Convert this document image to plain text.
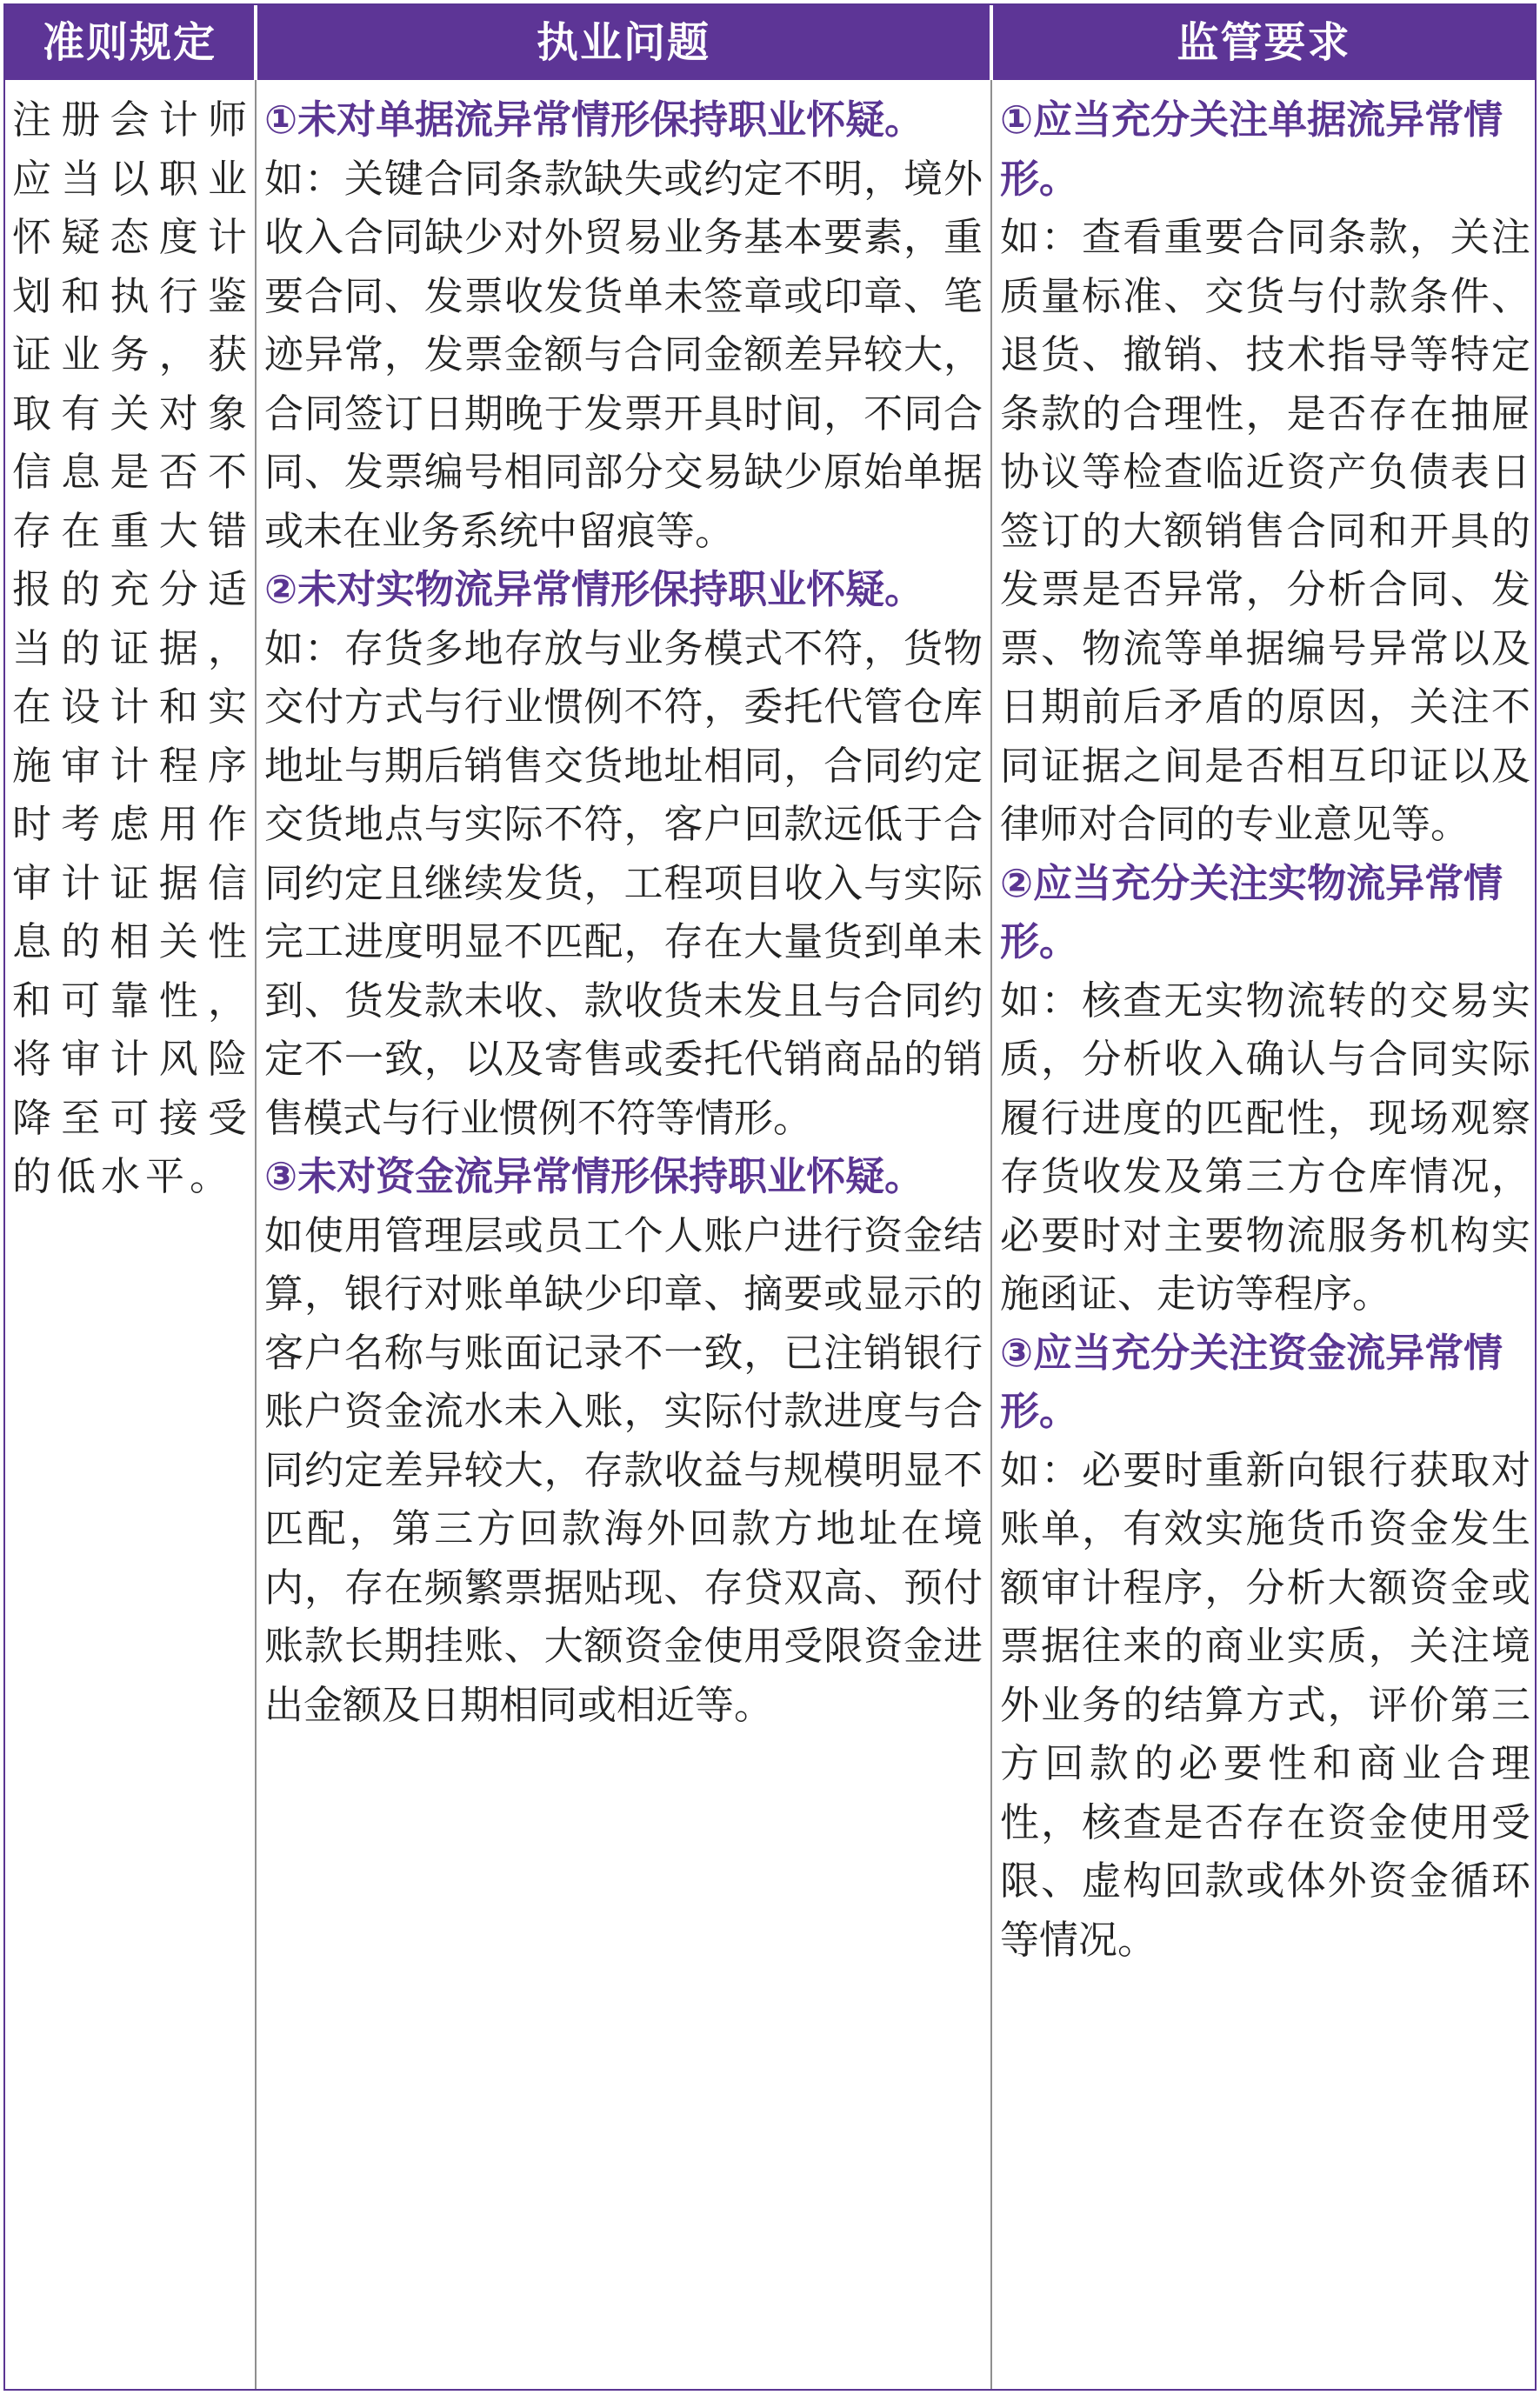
准则规定	执业问题	监管要求

注册会计师应当以职业怀疑态度计划和执行鉴证业务，获取有关对象信息是否不存在重大错报的充分适当的证据，在设计和实施审计程序时考虑用作审计证据信息的相关性和可靠性，将审计风险降至可接受的低水平。

①未对单据流异常情形保持职业怀疑。

如：关键合同条款缺失或约定不明，境外收入合同缺少对外贸易业务基本要素，重要合同、发票收发货单未签章或印章、笔迹异常，发票金额与合同金额差异较大，合同签订日期晚于发票开具时间，不同合同、发票编号相同部分交易缺少原始单据或未在业务系统中留痕等。

②未对实物流异常情形保持职业怀疑。

如：存货多地存放与业务模式不符，货物交付方式与行业惯例不符，委托代管仓库地址与期后销售交货地址相同，合同约定交货地点与实际不符，客户回款远低于合同约定且继续发货，工程项目收入与实际完工进度明显不匹配，存在大量货到单未到、货发款未收、款收货未发且与合同约定不一致，以及寄售或委托代销商品的销售模式与行业惯例不符等情形。

③未对资金流异常情形保持职业怀疑。

如使用管理层或员工个人账户进行资金结算，银行对账单缺少印章、摘要或显示的客户名称与账面记录不一致，已注销银行账户资金流水未入账，实际付款进度与合同约定差异较大，存款收益与规模明显不匹配，第三方回款海外回款方地址在境内，存在频繁票据贴现、存贷双高、预付账款长期挂账、大额资金使用受限资金进出金额及日期相同或相近等。

①应当充分关注单据流异常情形。

如：查看重要合同条款，关注质量标准、交货与付款条件、退货、撤销、技术指导等特定条款的合理性，是否存在抽屉协议等检查临近资产负债表日签订的大额销售合同和开具的发票是否异常，分析合同、发票、物流等单据编号异常以及日期前后矛盾的原因，关注不同证据之间是否相互印证以及律师对合同的专业意见等。

②应当充分关注实物流异常情形。

如：核查无实物流转的交易实质，分析收入确认与合同实际履行进度的匹配性，现场观察存货收发及第三方仓库情况，必要时对主要物流服务机构实施函证、走访等程序。

③应当充分关注资金流异常情形。

如：必要时重新向银行获取对账单，有效实施货币资金发生额审计程序，分析大额资金或票据往来的商业实质，关注境外业务的结算方式，评价第三方回款的必要性和商业合理性，核查是否存在资金使用受限、虚构回款或体外资金循环等情况。
